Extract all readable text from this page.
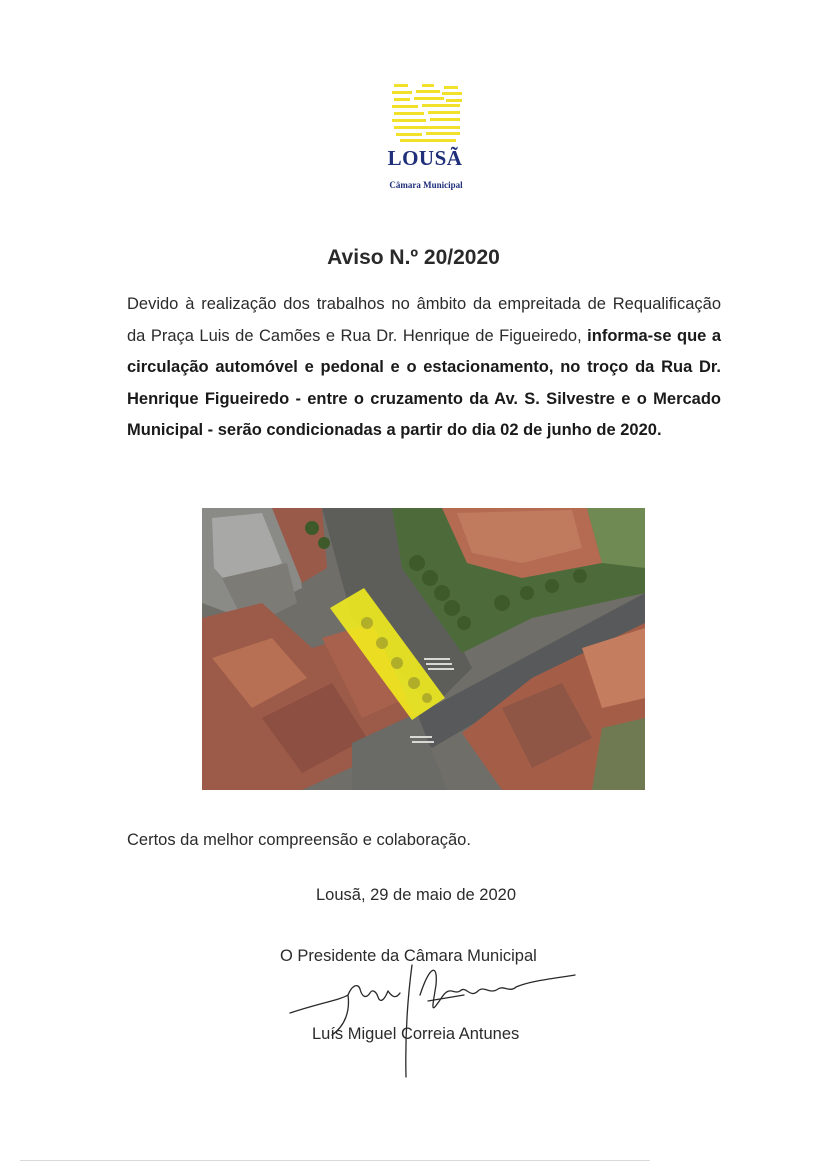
LOUSÃ
Câmara Municipal
Aviso N.º 20/2020
Devido à realização dos trabalhos no âmbito da empreitada de Requalificação da Praça Luis de Camões e Rua Dr. Henrique de Figueiredo, informa-se que a circulação automóvel e pedonal e o estacionamento, no troço da Rua Dr. Henrique Figueiredo - entre o cruzamento da Av. S. Silvestre e o Mercado Municipal - serão condicionadas a partir do dia 02 de junho de 2020.
Certos da melhor compreensão e colaboração.
Lousã, 29 de maio de 2020
O Presidente da Câmara Municipal
Luís Miguel Correia Antunes
